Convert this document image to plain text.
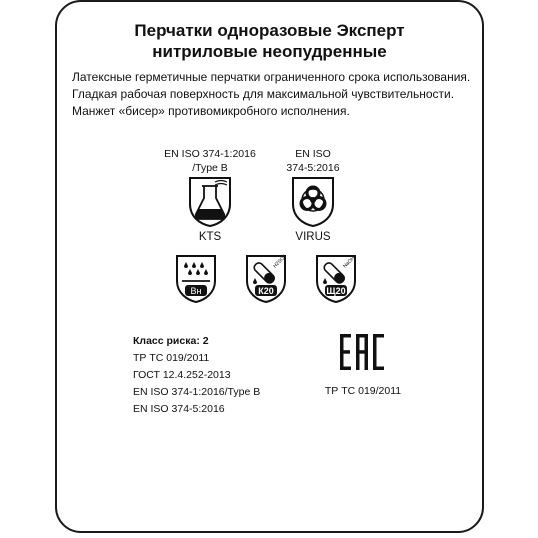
Перчатки одноразовые Эксперт
нитриловые неопудренные

Латексные герметичные перчатки ограниченного срока использования. Гладкая рабочая поверхность для максимальной чувствительности. Манжет «бисер» противомикробного исполнения.

EN ISO 374-1:2016
/Type B
KTS
EN ISO
374-5:2016
VIRUS
Вн
H2SO4
К20
NaOH
Щ20
Класс риска: 2
ТР ТС 019/2011
ГОСТ 12.4.252-2013
EN ISO 374-1:2016/Type B
EN ISO 374-5:2016
ЕАС
ТР ТС 019/2011
